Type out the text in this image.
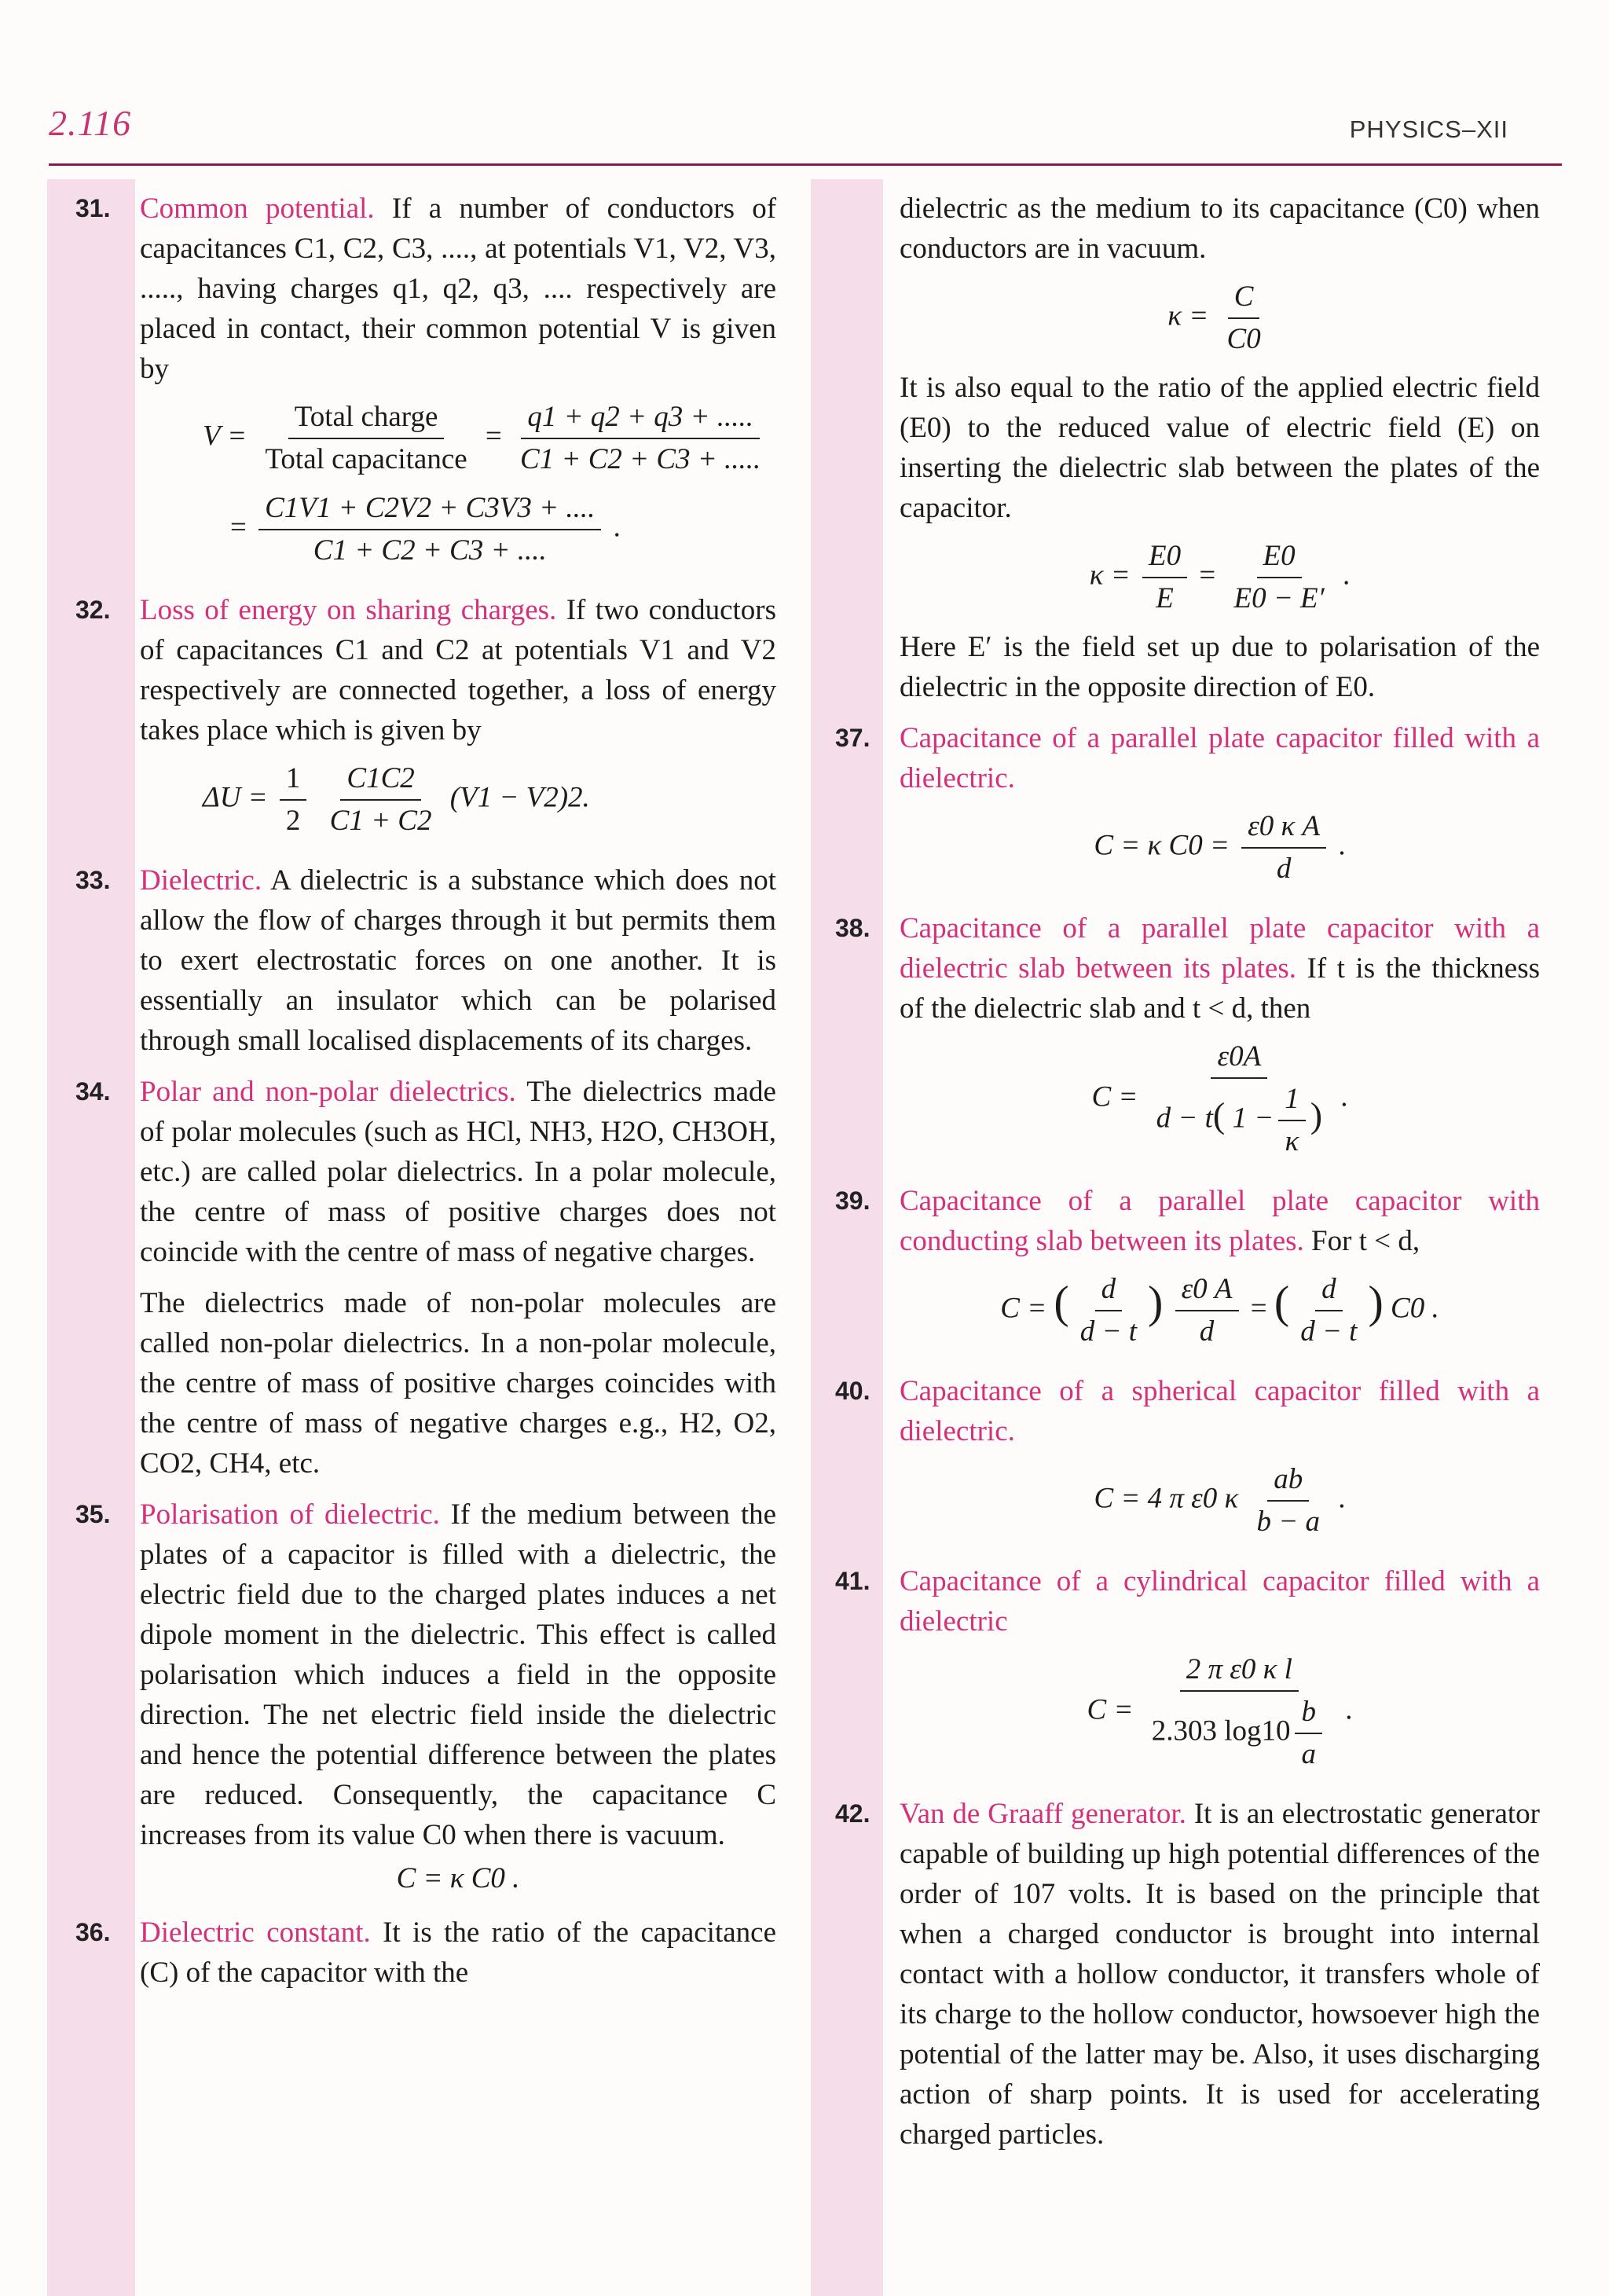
2.116	PHYSICS–XII
31. Common potential. If a number of conductors of capacitances C1, C2, C3, ...., at potentials V1, V2, V3, ....., having charges q1, q2, q3, .... respectively are placed in contact, their common potential V is given by

$V = \frac{\text{Total charge}}{\text{Total capacitance}} = \frac{q1 + q2 + q3 + .....}{C1 + C2 + C3 + .....}$
= $\frac{C1V1 + C2V2 + C3V3 + ....}{C1 + C2 + C3 + ....}$ .
32. Loss of energy on sharing charges. If two conductors of capacitances C1 and C2 at potentials V1 and V2 respectively are connected together, a loss of energy takes place which is given by

$\Delta U = \frac{1}{2}$
$\frac{C1C2}{C1 + C2} (V1 - V2)2$.
33. Dielectric. A dielectric is a substance which does not allow the flow of charges through it but permits them to exert electrostatic forces on one another. It is essentially an insulator which can be polarised through small localised displacements of its charges.

34. Polar and non-polar dielectrics. The dielectrics made of polar molecules (such as HCl, NH3, H2O, CH3OH, etc.) are called polar dielectrics. In a polar molecule, the centre of mass of positive charges does not coincide with the centre of mass of negative charges.

The dielectrics made of non-polar molecules are called non-polar dielectrics. In a non-polar molecule, the centre of mass of positive charges coincides with the centre of mass of negative charges e.g., H2, O2, CO2, CH4, etc.

35. Polarisation of dielectric. If the medium between the plates of a capacitor is filled with a dielectric, the electric field due to the charged plates induces a net dipole moment in the dielectric. This effect is called polarisation which induces a field in the opposite direction. The net electric field inside the dielectric and hence the potential difference between the plates are reduced. Consequently, the capacitance C increases from its value C0 when there is vacuum.

C = κ C0 .
36. Dielectric constant. It is the ratio of the capacitance (C) of the capacitor with the

dielectric as the medium to its capacitance (C0) when conductors are in vacuum.

$\kappa = \frac{C}{C0}$

It is also equal to the ratio of the applied electric field (E0) to the reduced value of electric field (E) on inserting the dielectric slab between the plates of the capacitor.

$\kappa = \frac{E0}{E} = \frac{E0}{E0 - E'}$ .

Here E′ is the field set up due to polarisation of the dielectric in the opposite direction of E0.

37. Capacitance of a parallel plate capacitor filled with a dielectric.

C = κ $C0 = \frac{\text{ε0 κ A}}{d}$ .
38. Capacitance of a parallel plate capacitor with a dielectric slab between its plates. If t is the thickness of the dielectric slab and t < d, then

$C = \frac{\varepsilon 0A}{d - t( 1 - \frac{1}{\kappa} )}$ .
39. Capacitance of a parallel plate capacitor with conducting slab between its plates. For t < d,

C = ( $\frac{d}{d - t}$ ) $\frac{\varepsilon 0 A}{d}$ = ( $\frac{d}{d - t}$ ) C0 .
40. Capacitance of a spherical capacitor filled with a dielectric.

C = 4 π ε0 κ $\frac{ab}{b - a}$ .
41. Capacitance of a cylindrical capacitor filled with a dielectric

$C = \frac{\text{2 π ε0 κ l}}{2.303 \log 10 \frac{b}{a}}$ .
42. Van de Graaff generator. It is an electrostatic generator capable of building up high potential differences of the order of 107 volts. It is based on the principle that when a charged conductor is brought into internal contact with a hollow conductor, it transfers whole of its charge to the hollow conductor, howsoever high the potential of the latter may be. Also, it uses discharging action of sharp points. It is used for accelerating charged particles.
